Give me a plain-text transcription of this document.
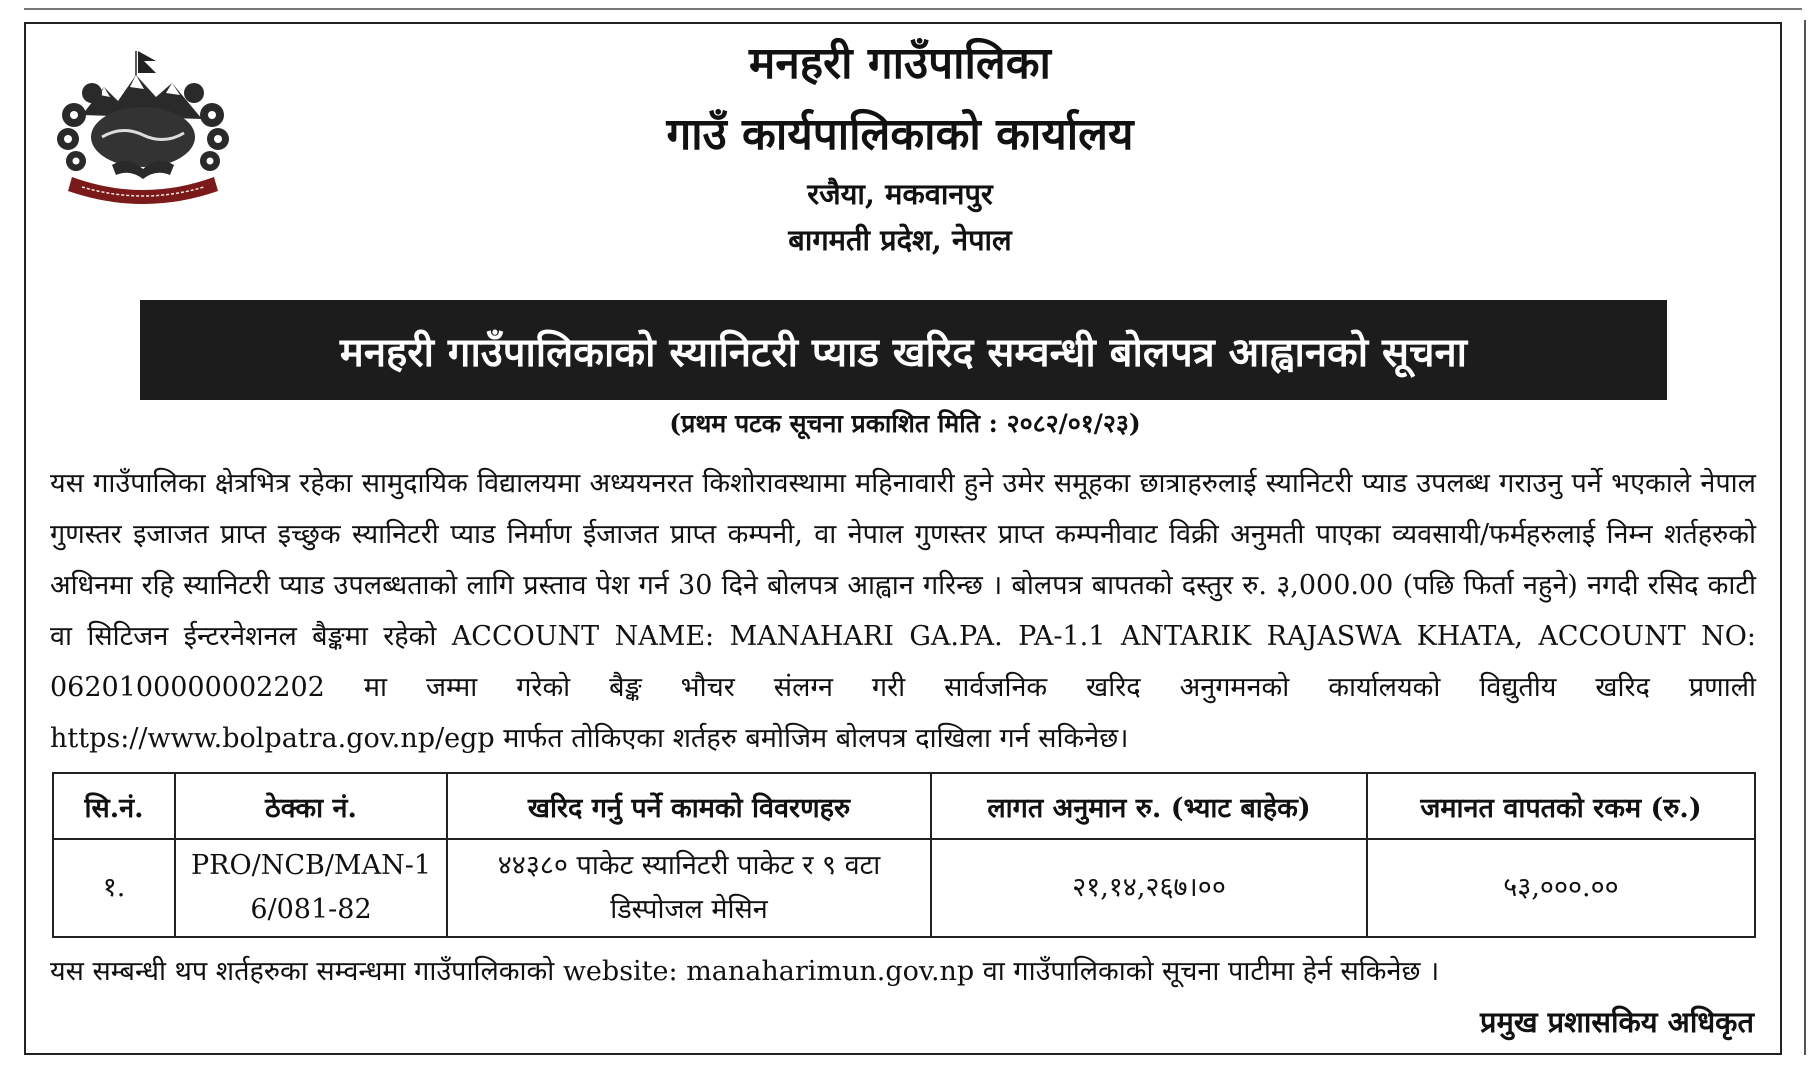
मनहरी गाउँपालिका
गाउँ कार्यपालिकाको कार्यालय
रजैया, मकवानपुर
बागमती प्रदेश, नेपाल
मनहरी गाउँपालिकाको स्यानिटरी प्याड खरिद सम्वन्धी बोलपत्र आह्वानको सूचना
(प्रथम पटक सूचना प्रकाशित मिति : २०८२/०१/२३)
यस गाउँपालिका क्षेत्रभित्र रहेका सामुदायिक विद्यालयमा अध्ययनरत किशोरावस्थामा महिनावारी हुने उमेर समूहका छात्राहरुलाई स्यानिटरी प्याड उपलब्ध गराउनु पर्ने भएकाले नेपाल गुणस्तर इजाजत प्राप्त इच्छुक स्यानिटरी प्याड निर्माण ईजाजत प्राप्त कम्पनी, वा नेपाल गुणस्तर प्राप्त कम्पनीवाट विक्री अनुमती पाएका व्यवसायी/फर्महरुलाई निम्न शर्तहरुको अधिनमा रहि स्यानिटरी प्याड उपलब्धताको लागि प्रस्ताव पेश गर्न 30 दिने बोलपत्र आह्वान गरिन्छ । बोलपत्र बापतको दस्तुर रु. ३,000.00 (पछि फिर्ता नहुने) नगदी रसिद काटी वा सिटिजन ईन्टरनेशनल बैङ्कमा रहेको ACCOUNT NAME: MANAHARI GA.PA. PA-1.1 ANTARIK RAJASWA KHATA, ACCOUNT NO: 0620100000002202 मा जम्मा गरेको बैङ्क भौचर संलग्न गरी सार्वजनिक खरिद अनुगमनको कार्यालयको विद्युतीय खरिद प्रणाली https://www.bolpatra.gov.np/egp मार्फत तोकिएका शर्तहरु बमोजिम बोलपत्र दाखिला गर्न सकिनेछ।
सि.नं.	ठेक्का नं.	खरिद गर्नु पर्ने कामको विवरणहरु	लागत अनुमान रु. (भ्याट बाहेक)	जमानत वापतको रकम (रु.)
१.	PRO/NCB/MAN-16/081-82	४४३८० पाकेट स्यानिटरी पाकेट र ९ वटा डिस्पोजल मेसिन	२१,१४,२६७।००	५३,०००.००
यस सम्बन्धी थप शर्तहरुका सम्वन्धमा गाउँपालिकाको website: manaharimun.gov.np वा गाउँपालिकाको सूचना पाटीमा हेर्न सकिनेछ ।
प्रमुख प्रशासकिय अधिकृत
